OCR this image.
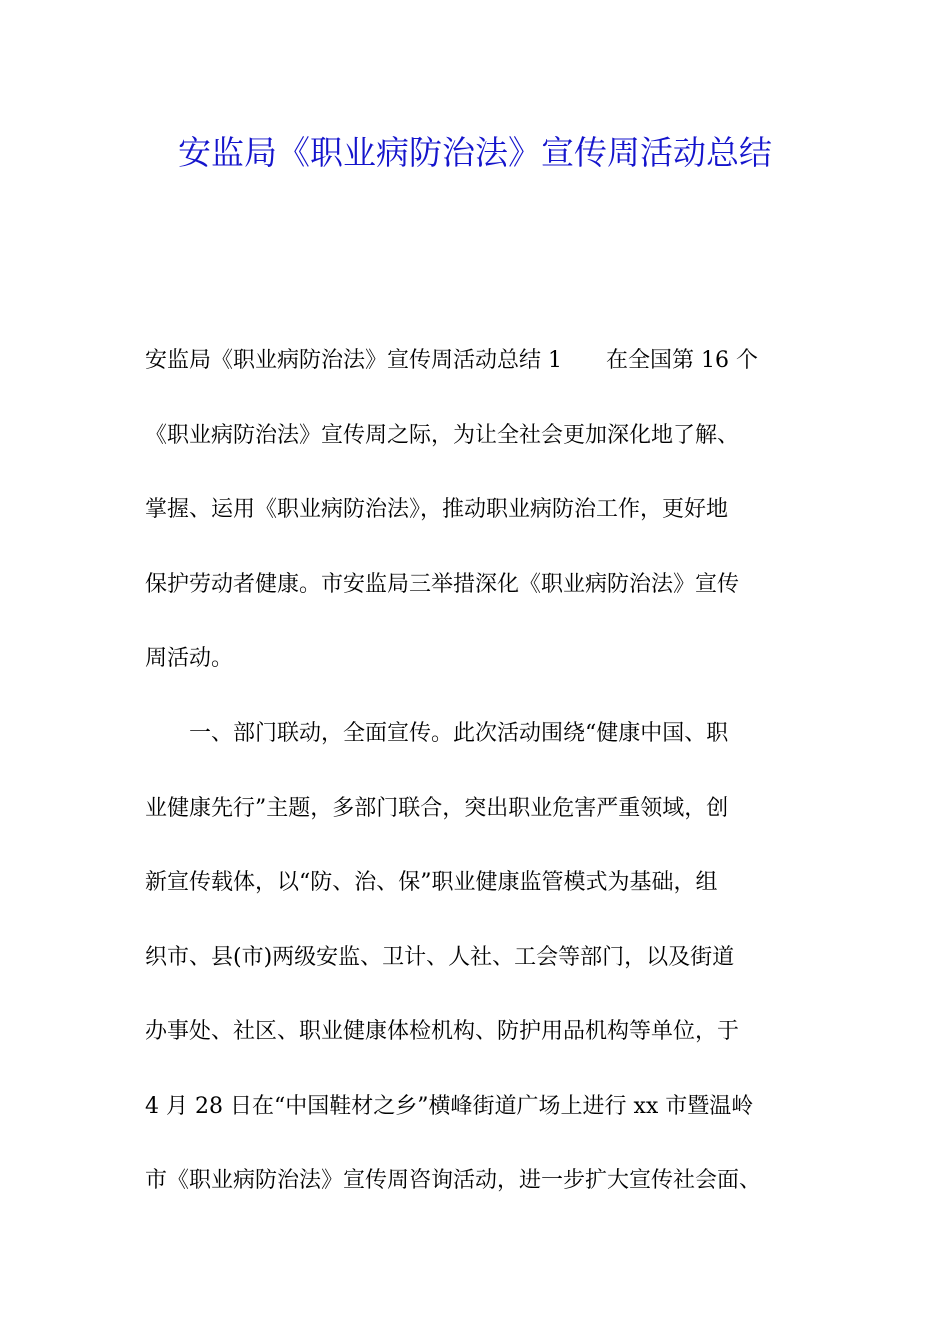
安监局《职业病防治法》宣传周活动总结
安监局《职业病防治法》宣传周活动总结 1　　在全国第 16 个
《职业病防治法》宣传周之际，为让全社会更加深化地了解、
掌握、运用《职业病防治法》，推动职业病防治工作，更好地
保护劳动者健康。市安监局三举措深化《职业病防治法》宣传
周活动。
　　一、部门联动，全面宣传。此次活动围绕“健康中国、职
业健康先行”主题，多部门联合，突出职业危害严重领域，创
新宣传载体，以“防、治、保”职业健康监管模式为基础，组
织市、县(市)两级安监、卫计、人社、工会等部门，以及街道
办事处、社区、职业健康体检机构、防护用品机构等单位，于
4 月 28 日在“中国鞋材之乡”横峰街道广场上进行 xx 市暨温岭
市《职业病防治法》宣传周咨询活动，进一步扩大宣传社会面、
